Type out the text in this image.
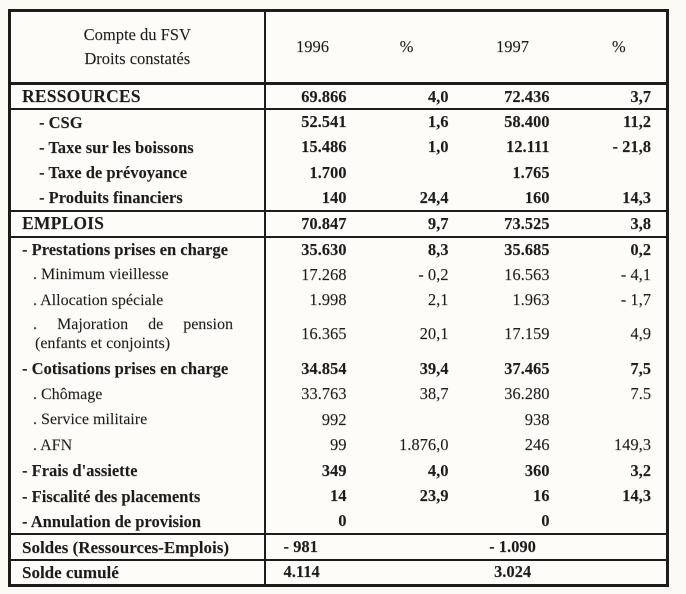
Compte du FSV
Droits constatés	1996	%	1997	%
RESSOURCES	69.866	4,0	72.436	3,7
- CSG	52.541	1,6	58.400	11,2
- Taxe sur les boissons	15.486	1,0	12.111	- 21,8
- Taxe de prévoyance	1.700		1.765	
- Produits financiers	140	24,4	160	14,3
EMPLOIS	70.847	9,7	73.525	3,8
- Prestations prises en charge	35.630	8,3	35.685	0,2
. Minimum vieillesse	17.268	- 0,2	16.563	- 4,1
. Allocation spéciale	1.998	2,1	1.963	- 1,7

. Majoration de pension
(enfants et conjoints)	16.365	20,1	17.159	4,9
- Cotisations prises en charge	34.854	39,4	37.465	7,5
. Chômage	33.763	38,7	36.280	7.5
. Service militaire	992		938	
. AFN	99	1.876,0	246	149,3
- Frais d'assiette	349	4,0	360	3,2
- Fiscalité des placements	14	23,9	16	14,3
- Annulation de provision	0		0	
Soldes (Ressources-Emplois)	- 981		- 1.090	
Solde cumulé	4.114		3.024	
